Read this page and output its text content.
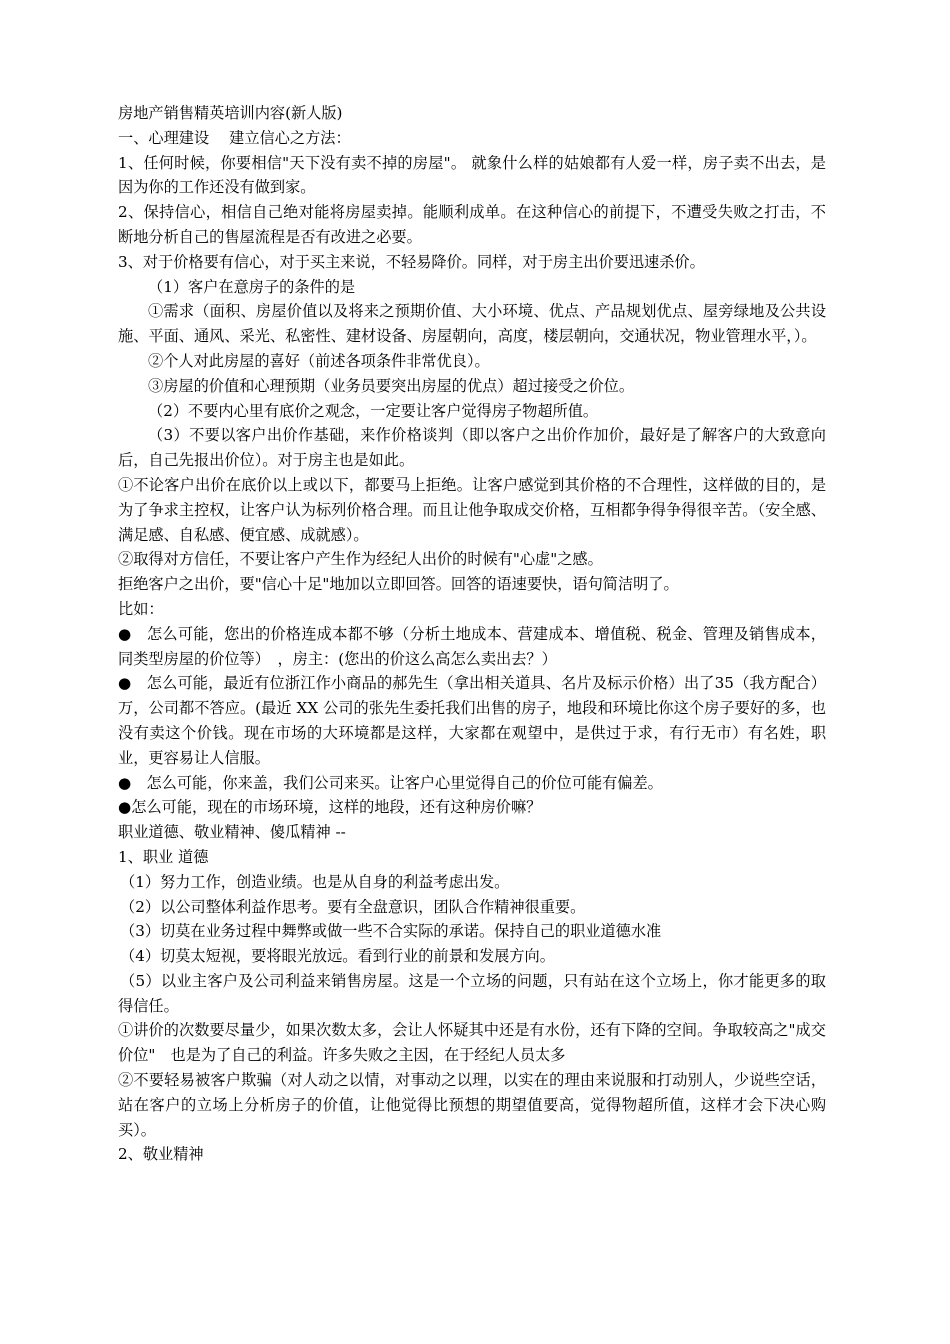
房地产销售精英培训内容(新人版)

一、心理建设　 建立信心之方法：

1、任何时候，你要相信"天下没有卖不掉的房屋"。 就象什么样的姑娘都有人爱一样，房子卖不出去，是因为你的工作还没有做到家。

2、保持信心，相信自己绝对能将房屋卖掉。能顺利成单。在这种信心的前提下，不遭受失败之打击，不断地分析自己的售屋流程是否有改进之必要。

3、对于价格要有信心，对于买主来说，不轻易降价。同样，对于房主出价要迅速杀价。

（1）客户在意房子的条件的是

①需求（面积、房屋价值以及将来之预期价值、大小环境、优点、产品规划优点、屋旁绿地及公共设施、平面、通风、采光、私密性、建材设备、房屋朝向，高度，楼层朝向，交通状况，物业管理水平，）。

②个人对此房屋的喜好（前述各项条件非常优良）。

③房屋的价值和心理预期（业务员要突出房屋的优点）超过接受之价位。

（2）不要内心里有底价之观念，一定要让客户觉得房子物超所值。

（3）不要以客户出价作基础，来作价格谈判（即以客户之出价作加价，最好是了解客户的大致意向后，自己先报出价位）。对于房主也是如此。

①不论客户出价在底价以上或以下，都要马上拒绝。让客户感觉到其价格的不合理性，这样做的目的，是为了争求主控权，让客户认为标列价格合理。而且让他争取成交价格，互相都争得争得很辛苦。（安全感、满足感、自私感、便宜感、成就感）。

②取得对方信任，不要让客户产生作为经纪人出价的时候有"心虚"之感。

拒绝客户之出价，要"信心十足"地加以立即回答。回答的语速要快，语句简洁明了。

比如：

●　怎么可能，您出的价格连成本都不够（分析土地成本、营建成本、增值税、税金、管理及销售成本，同类型房屋的价位等）　，房主：(您出的价这么高怎么卖出去？）

●　怎么可能，最近有位浙江作小商品的郝先生（拿出相关道具、名片及标示价格）出了35（我方配合）万，公司都不答应。(最近 XX 公司的张先生委托我们出售的房子，地段和环境比你这个房子要好的多，也没有卖这个价钱。现在市场的大环境都是这样，大家都在观望中，是供过于求，有行无市）有名姓，职业，更容易让人信服。

●　怎么可能，你来盖，我们公司来买。让客户心里觉得自己的价位可能有偏差。

●怎么可能，现在的市场环境，这样的地段，还有这种房价嘛？

职业道德、敬业精神、傻瓜精神 --

1、职业 道德

（1）努力工作，创造业绩。也是从自身的利益考虑出发。

（2）以公司整体利益作思考。要有全盘意识，团队合作精神很重要。

（3）切莫在业务过程中舞弊或做一些不合实际的承诺。保持自己的职业道德水准

（4）切莫太短视，要将眼光放远。看到行业的前景和发展方向。

（5）以业主客户及公司利益来销售房屋。这是一个立场的问题，只有站在这个立场上，你才能更多的取得信任。

①讲价的次数要尽量少，如果次数太多，会让人怀疑其中还是有水份，还有下降的空间。争取较高之"成交价位"　也是为了自己的利益。许多失败之主因，在于经纪人员太多

②不要轻易被客户欺骗（对人动之以情，对事动之以理，以实在的理由来说服和打动别人，少说些空话，站在客户的立场上分析房子的价值，让他觉得比预想的期望值要高，觉得物超所值，这样才会下决心购买）。

2、敬业精神
